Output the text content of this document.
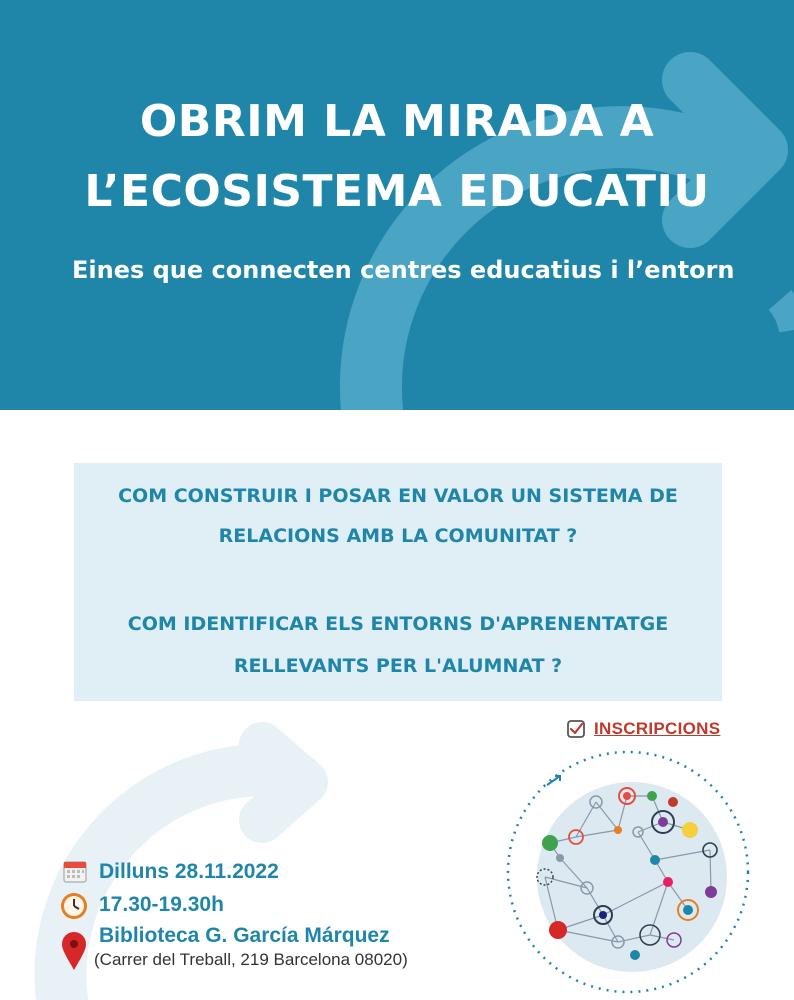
OBRIM LA MIRADA A
L’ECOSISTEMA EDUCATIU
Eines que connecten centres educatius i l’entorn
COM CONSTRUIR I POSAR EN VALOR UN SISTEMA DE
RELACIONS AMB LA COMUNITAT ?
COM IDENTIFICAR ELS ENTORNS D'APRENENTATGE
RELLEVANTS PER L'ALUMNAT ?
INSCRIPCIONS
Dilluns 28.11.2022
17.30-19.30h
Biblioteca G. García Márquez
(Carrer del Treball, 219 Barcelona 08020)
